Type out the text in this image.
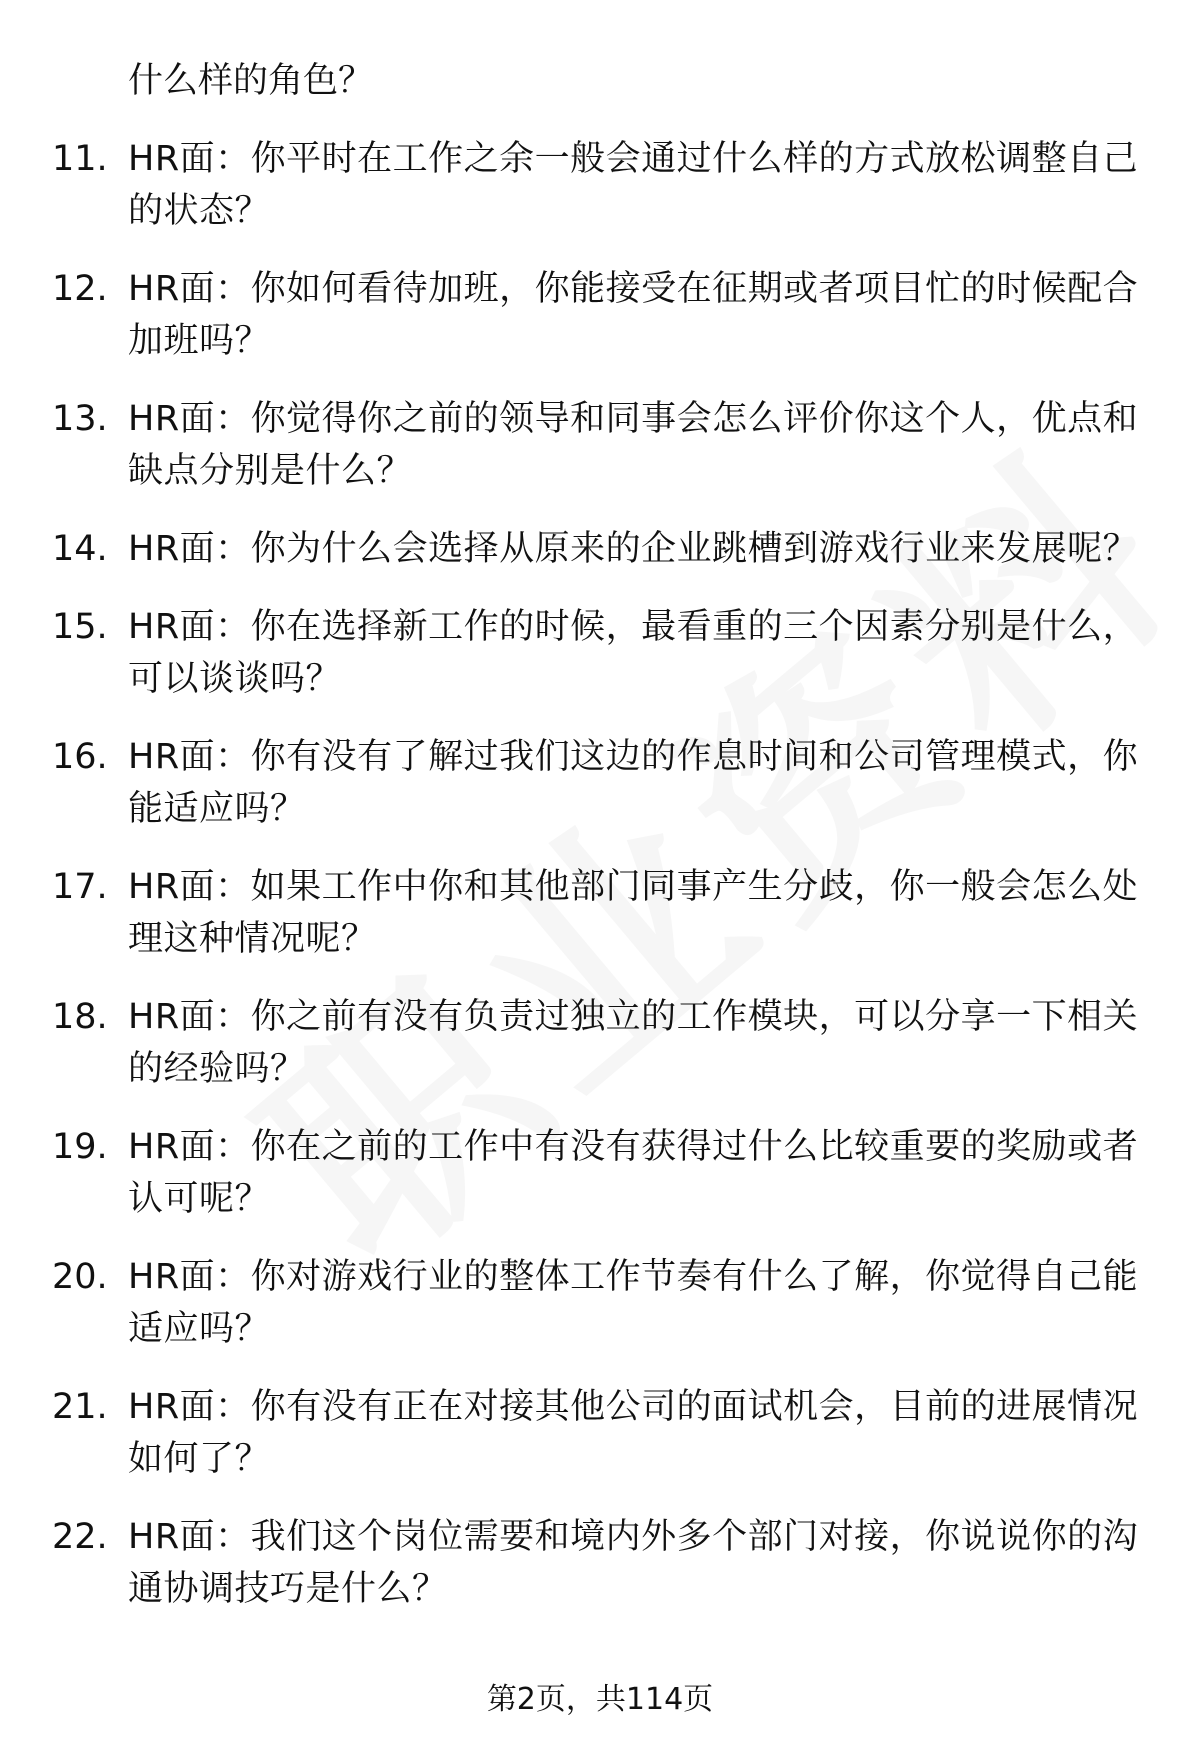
什么样的角色？
11. HR面：你平时在工作之余一般会通过什么样的方式放松调整自己的状态？
12. HR面：你如何看待加班，你能接受在征期或者项目忙的时候配合加班吗？
13. HR面：你觉得你之前的领导和同事会怎么评价你这个人，优点和缺点分别是什么？
14. HR面：你为什么会选择从原来的企业跳槽到游戏行业来发展呢？
15. HR面：你在选择新工作的时候，最看重的三个因素分别是什么，可以谈谈吗？
16. HR面：你有没有了解过我们这边的作息时间和公司管理模式，你能适应吗？
17. HR面：如果工作中你和其他部门同事产生分歧，你一般会怎么处理这种情况呢？
18. HR面：你之前有没有负责过独立的工作模块，可以分享一下相关的经验吗？
19. HR面：你在之前的工作中有没有获得过什么比较重要的奖励或者认可呢？
20. HR面：你对游戏行业的整体工作节奏有什么了解，你觉得自己能适应吗？
21. HR面：你有没有正在对接其他公司的面试机会，目前的进展情况如何了？
22. HR面：我们这个岗位需要和境内外多个部门对接，你说说你的沟通协调技巧是什么？
第2页，共114页
